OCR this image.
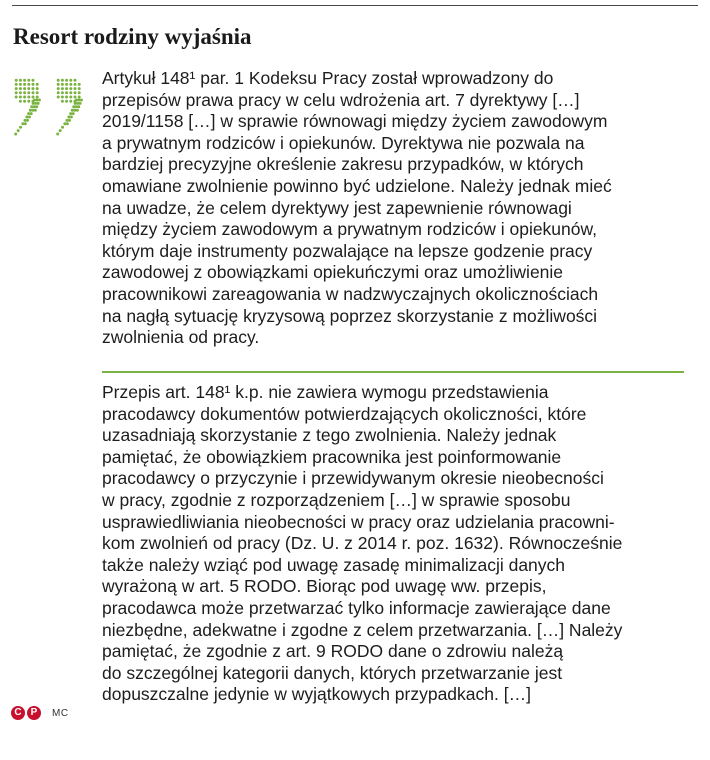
Resort rodziny wyjaśnia
Artykuł 148¹ par. 1 Kodeksu Pracy został wprowadzony do
przepisów prawa pracy w celu wdrożenia art. 7 dyrektywy […]
2019/1158 […] w sprawie równowagi między życiem zawodowym
a prywatnym rodziców i opiekunów. Dyrektywa nie pozwala na
bardziej precyzyjne określenie zakresu przypadków, w których
omawiane zwolnienie powinno być udzielone. Należy jednak mieć
na uwadze, że celem dyrektywy jest zapewnienie równowagi
między życiem zawodowym a prywatnym rodziców i opiekunów,
którym daje instrumenty pozwalające na lepsze godzenie pracy
zawodowej z obowiązkami opiekuńczymi oraz umożliwienie
pracownikowi zareagowania w nadzwyczajnych okolicznościach
na nagłą sytuację kryzysową poprzez skorzystanie z możliwości
zwolnienia od pracy.
Przepis art. 148¹ k.p. nie zawiera wymogu przedstawienia
pracodawcy dokumentów potwierdzających okoliczności, które
uzasadniają skorzystanie z tego zwolnienia. Należy jednak
pamiętać, że obowiązkiem pracownika jest poinformowanie
pracodawcy o przyczynie i przewidywanym okresie nieobecności
w pracy, zgodnie z rozporządzeniem […] w sprawie sposobu
usprawiedliwiania nieobecności w pracy oraz udzielania pracowni-
kom zwolnień od pracy (Dz. U. z 2014 r. poz. 1632). Równocześnie
także należy wziąć pod uwagę zasadę minimalizacji danych
wyrażoną w art. 5 RODO. Biorąc pod uwagę ww. przepis,
pracodawca może przetwarzać tylko informacje zawierające dane
niezbędne, adekwatne i zgodne z celem przetwarzania. […] Należy
pamiętać, że zgodnie z art. 9 RODO dane o zdrowiu należą
do szczególnej kategorii danych, których przetwarzanie jest
dopuszczalne jedynie w wyjątkowych przypadkach. […]
C P	MC
